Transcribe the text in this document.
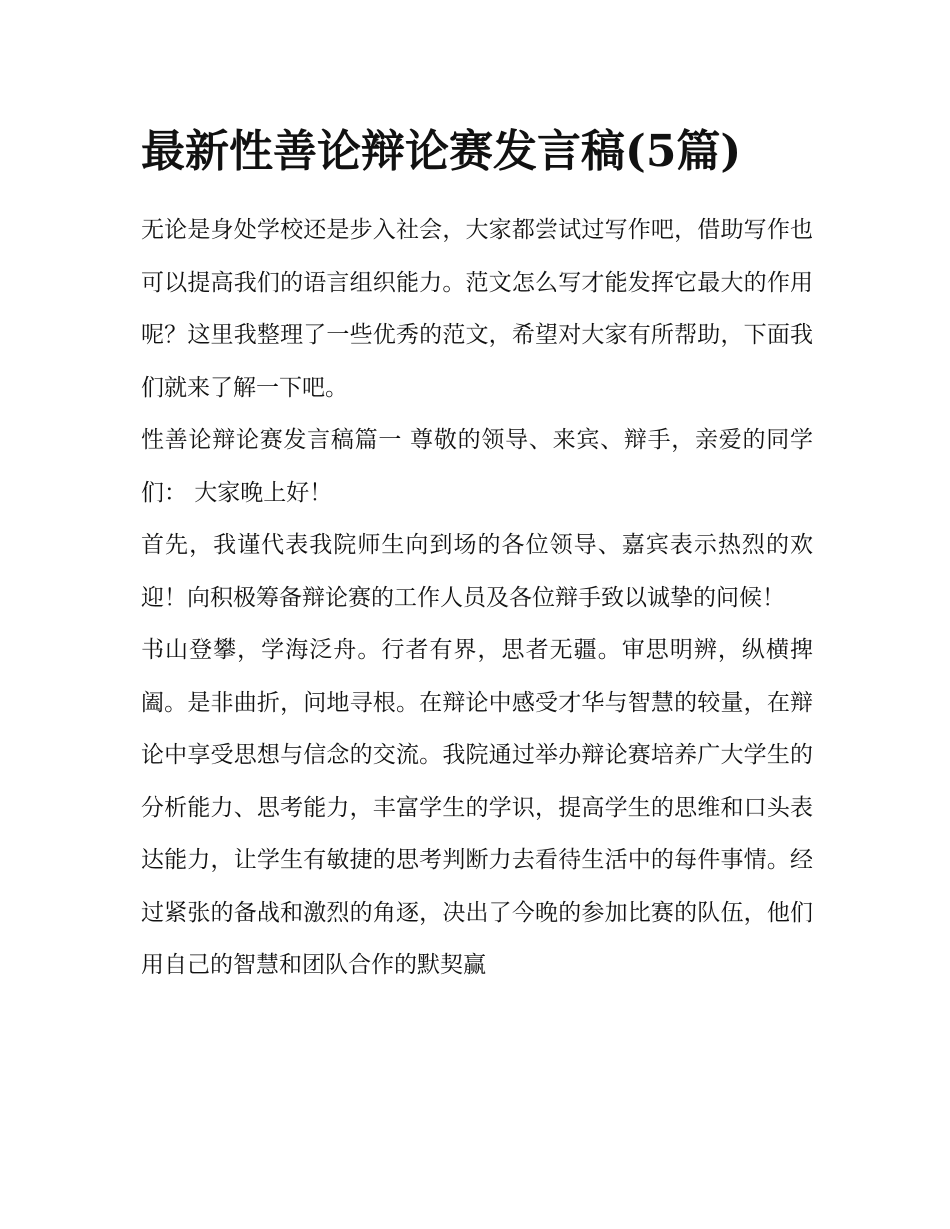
最新性善论辩论赛发言稿(5篇)

无论是身处学校还是步入社会，大家都尝试过写作吧，借助写作也可以提高我们的语言组织能力。范文怎么写才能发挥它最大的作用呢？这里我整理了一些优秀的范文，希望对大家有所帮助，下面我们就来了解一下吧。

性善论辩论赛发言稿篇一 尊敬的领导、来宾、辩手，亲爱的同学们： 大家晚上好！

首先，我谨代表我院师生向到场的各位领导、嘉宾表示热烈的欢迎！向积极筹备辩论赛的工作人员及各位辩手致以诚挚的问候！

书山登攀，学海泛舟。行者有界，思者无疆。审思明辨，纵横捭阖。是非曲折，问地寻根。在辩论中感受才华与智慧的较量，在辩论中享受思想与信念的交流。我院通过举办辩论赛培养广大学生的分析能力、思考能力，丰富学生的学识，提高学生的思维和口头表达能力，让学生有敏捷的思考判断力去看待生活中的每件事情。经过紧张的备战和激烈的角逐，决出了今晚的参加比赛的队伍，他们用自己的智慧和团队合作的默契赢
